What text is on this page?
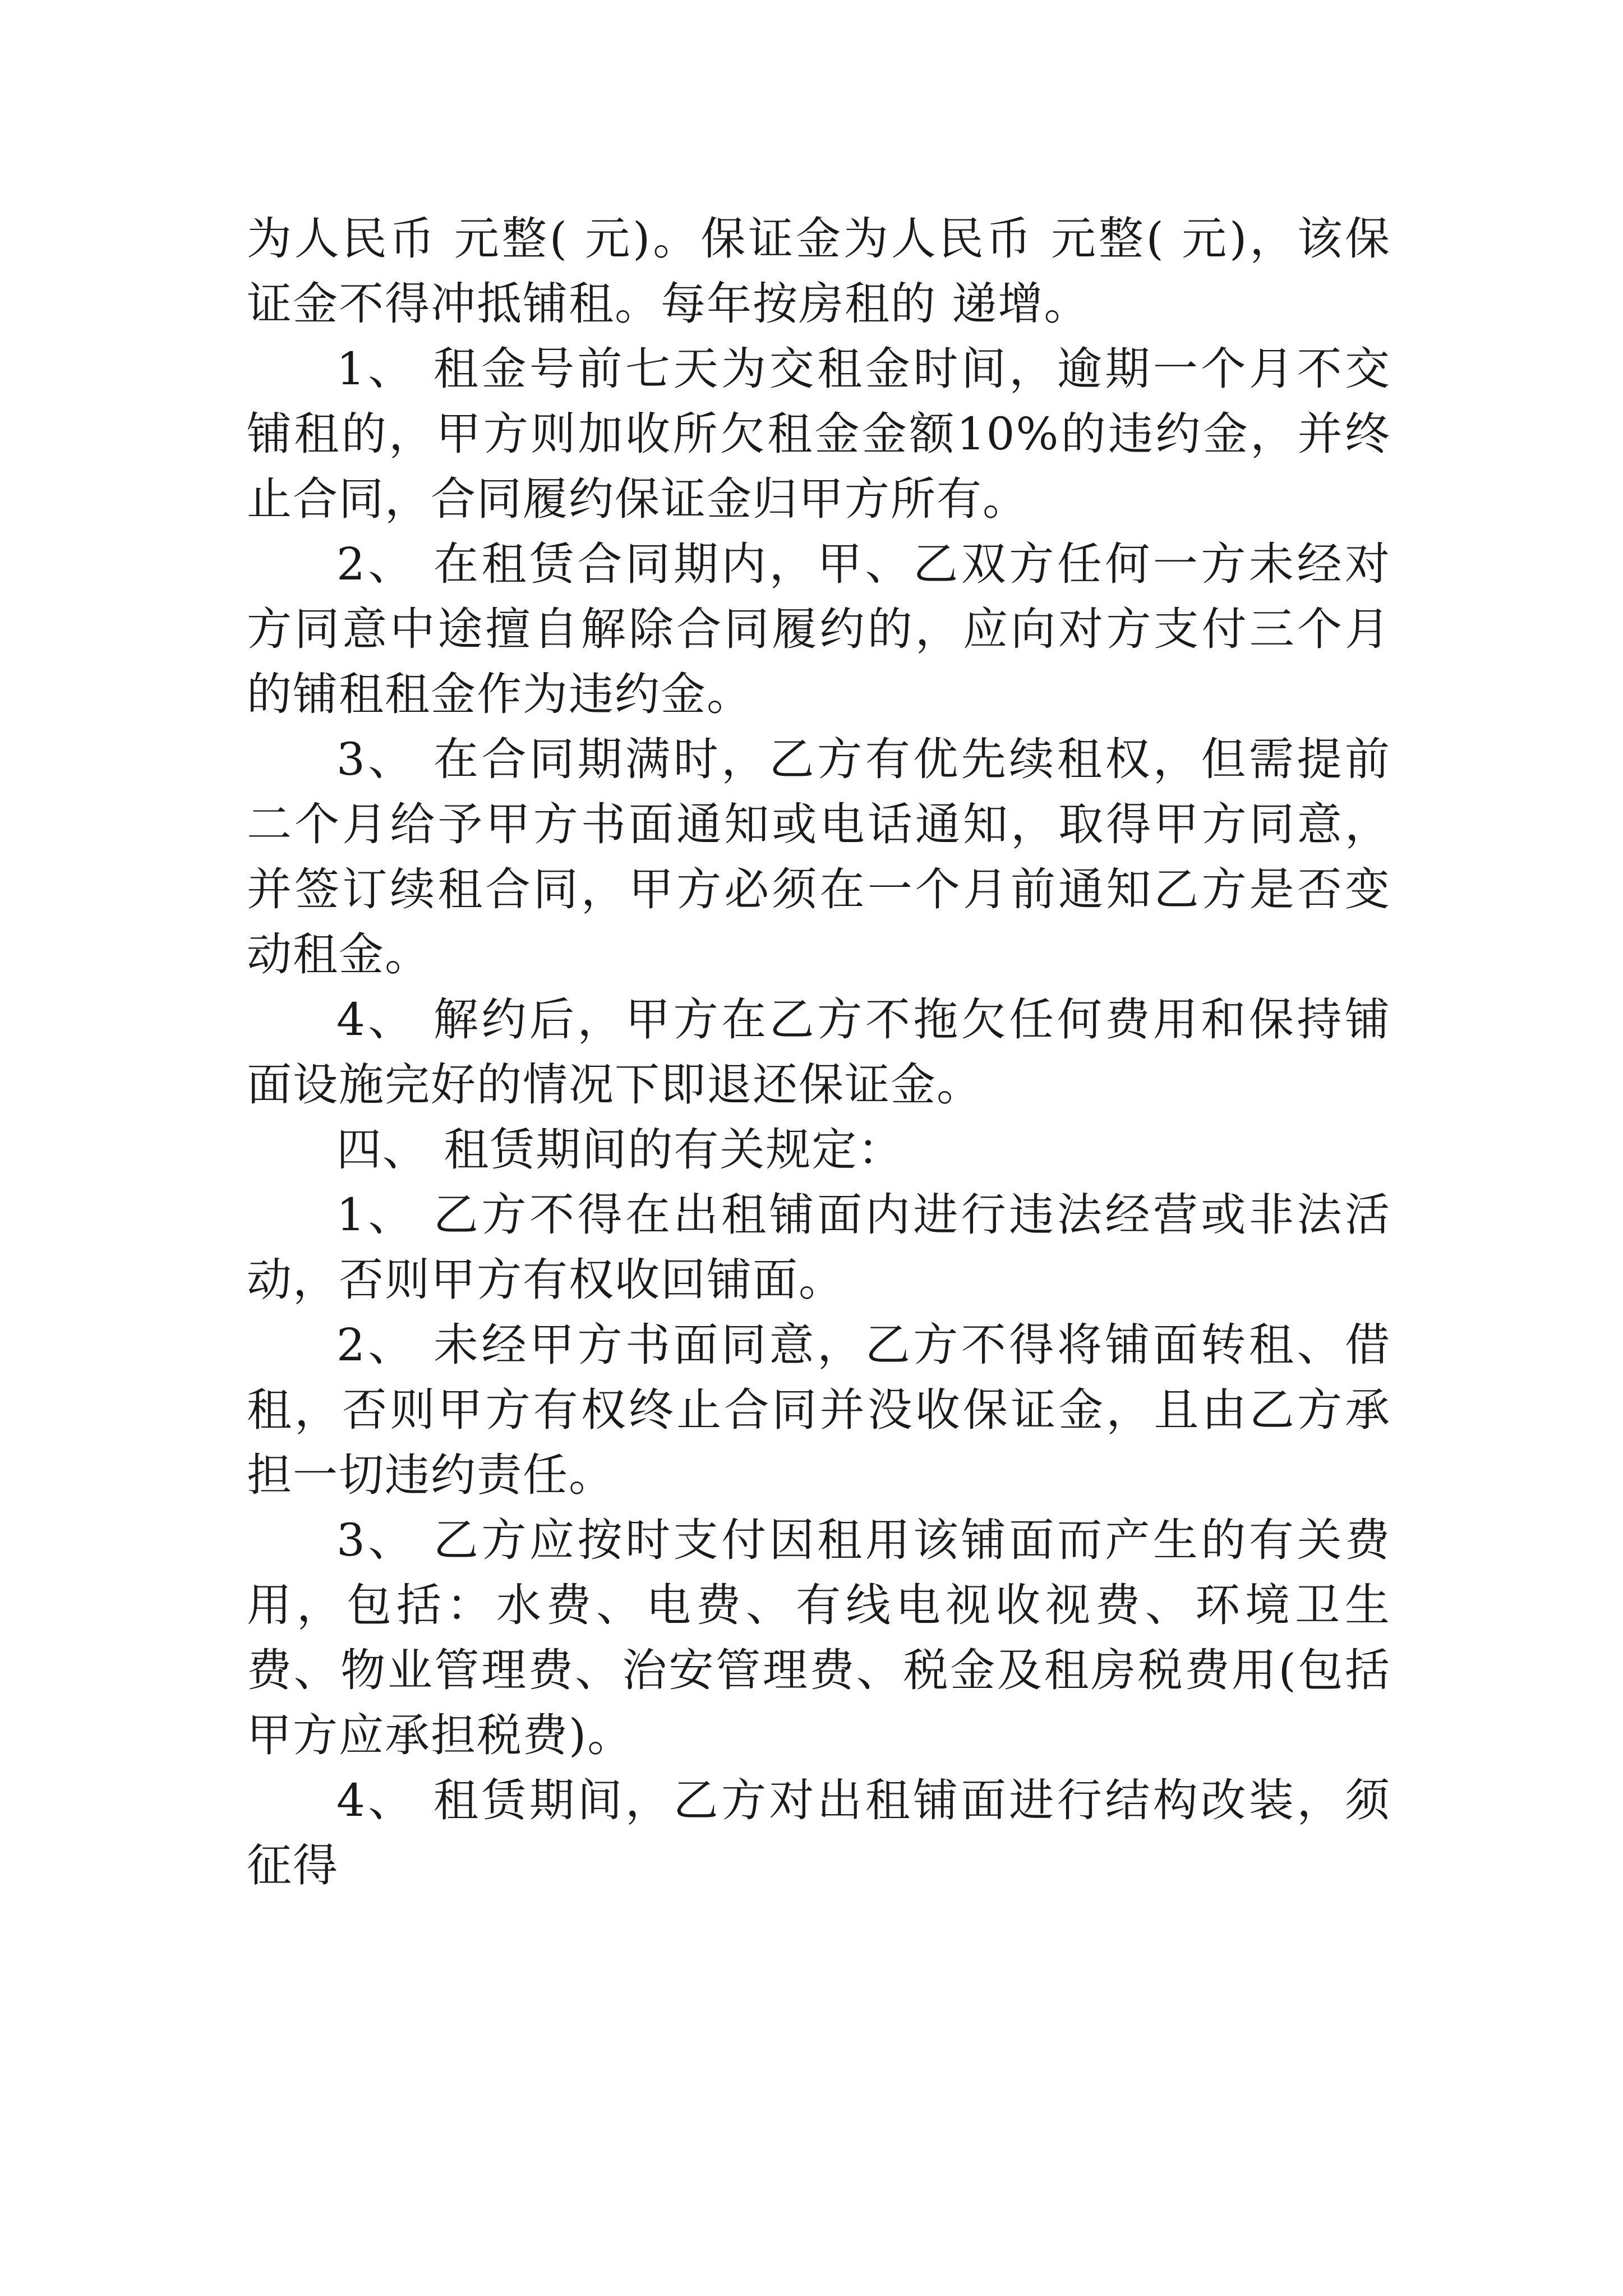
为人民币 元整( 元)。保证金为人民币 元整( 元)，该保证金不得冲抵铺租。每年按房租的 递增。

1、 租金号前七天为交租金时间，逾期一个月不交铺租的，甲方则加收所欠租金金额10%的违约金，并终止合同，合同履约保证金归甲方所有。

2、 在租赁合同期内，甲、乙双方任何一方未经对方同意中途擅自解除合同履约的，应向对方支付三个月的铺租租金作为违约金。

3、 在合同期满时，乙方有优先续租权，但需提前二个月给予甲方书面通知或电话通知，取得甲方同意，并签订续租合同，甲方必须在一个月前通知乙方是否变动租金。

4、 解约后，甲方在乙方不拖欠任何费用和保持铺面设施完好的情况下即退还保证金。

四、 租赁期间的有关规定：

1、 乙方不得在出租铺面内进行违法经营或非法活动，否则甲方有权收回铺面。

2、 未经甲方书面同意，乙方不得将铺面转租、借租，否则甲方有权终止合同并没收保证金，且由乙方承担一切违约责任。

3、 乙方应按时支付因租用该铺面而产生的有关费用，包括：水费、电费、有线电视收视费、环境卫生费、物业管理费、治安管理费、税金及租房税费用(包括甲方应承担税费)。

4、 租赁期间，乙方对出租铺面进行结构改装，须征得
